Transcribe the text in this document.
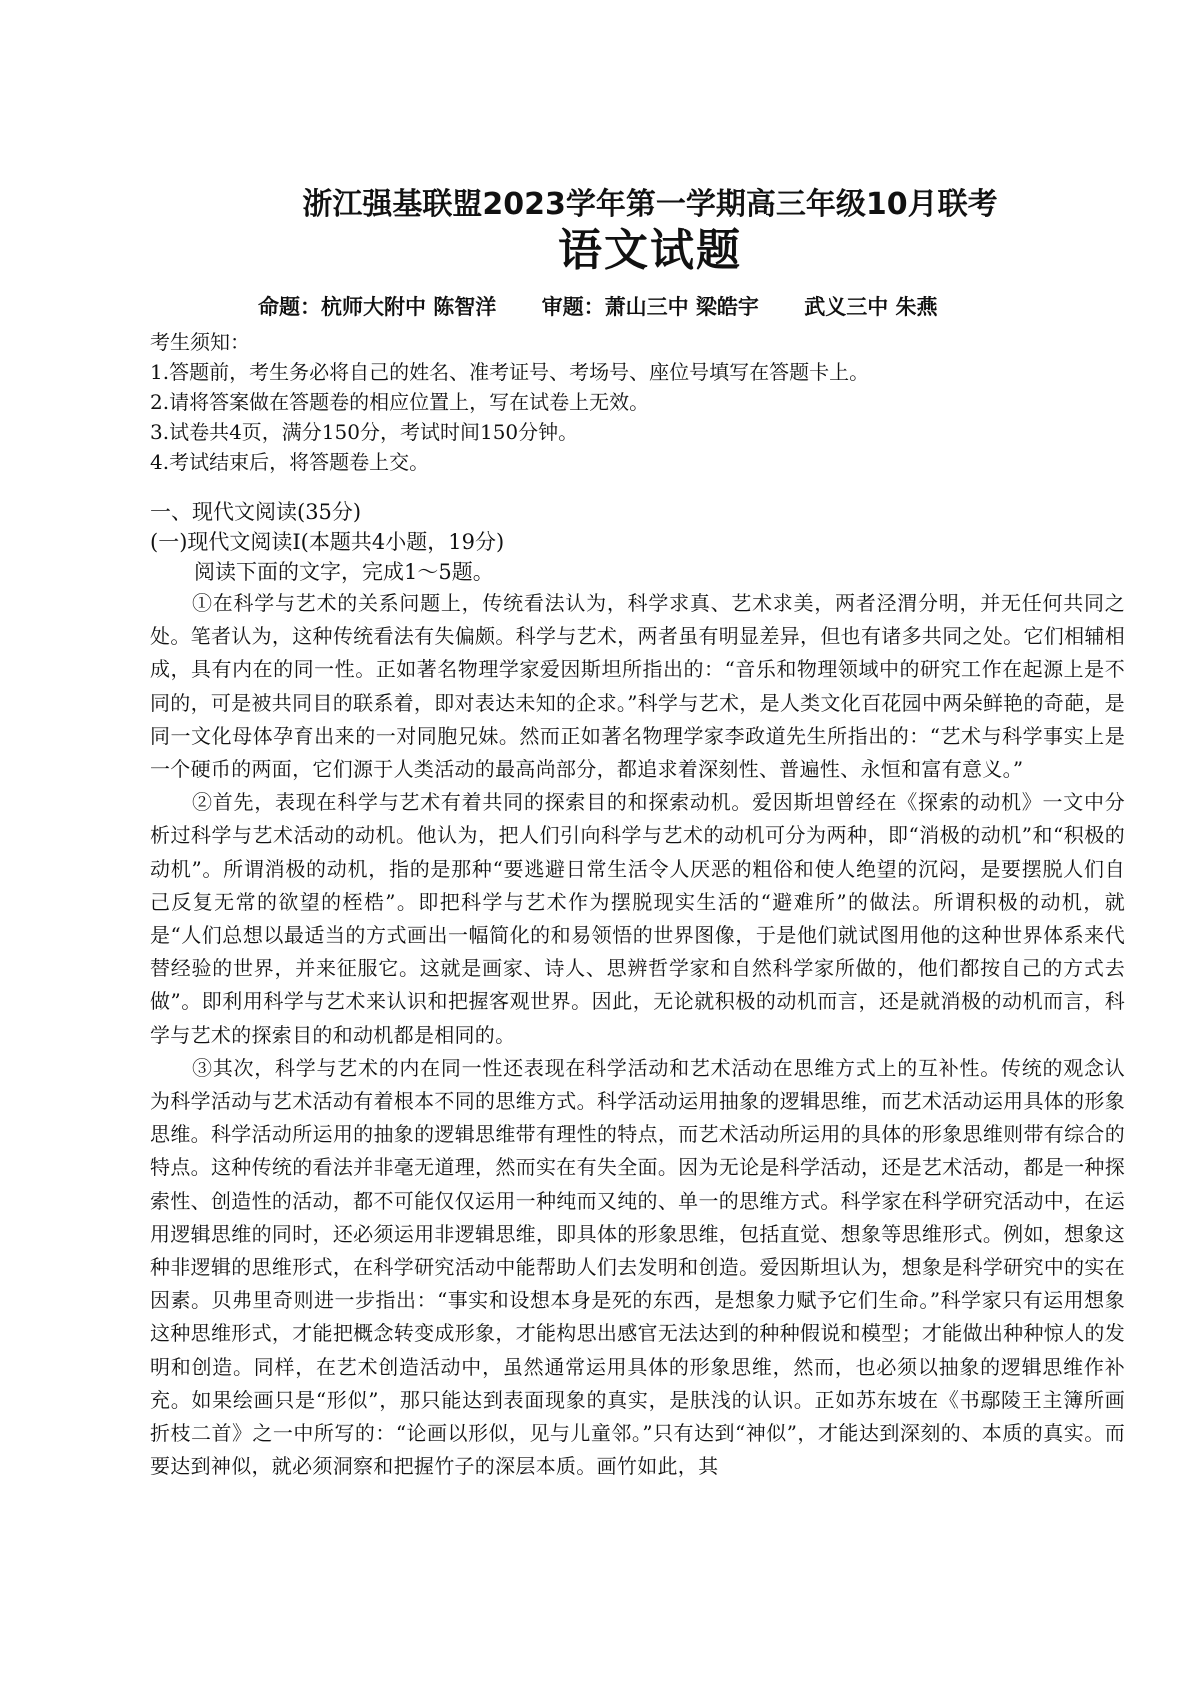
浙江强基联盟2023学年第一学期高三年级10月联考
语文试题
命题：杭师大附中 陈智洋 审题：萧山三中 梁皓宇 武义三中 朱燕
考生须知：
1.答题前，考生务必将自己的姓名、准考证号、考场号、座位号填写在答题卡上。
2.请将答案做在答题卷的相应位置上，写在试卷上无效。
3.试卷共4页，满分150分，考试时间150分钟。
4.考试结束后，将答题卷上交。
一、现代文阅读(35分)
(一)现代文阅读Ⅰ(本题共4小题，19分)
阅读下面的文字，完成1～5题。

①在科学与艺术的关系问题上，传统看法认为，科学求真、艺术求美，两者泾渭分明，并无任何共同之处。笔者认为，这种传统看法有失偏颇。科学与艺术，两者虽有明显差异，但也有诸多共同之处。它们相辅相成，具有内在的同一性。正如著名物理学家爱因斯坦所指出的：“音乐和物理领域中的研究工作在起源上是不同的，可是被共同目的联系着，即对表达未知的企求。”科学与艺术，是人类文化百花园中两朵鲜艳的奇葩，是同一文化母体孕育出来的一对同胞兄妹。然而正如著名物理学家李政道先生所指出的：“艺术与科学事实上是一个硬币的两面，它们源于人类活动的最高尚部分，都追求着深刻性、普遍性、永恒和富有意义。”

②首先，表现在科学与艺术有着共同的探索目的和探索动机。爱因斯坦曾经在《探索的动机》一文中分析过科学与艺术活动的动机。他认为，把人们引向科学与艺术的动机可分为两种，即“消极的动机”和“积极的动机”。所谓消极的动机，指的是那种“要逃避日常生活令人厌恶的粗俗和使人绝望的沉闷，是要摆脱人们自己反复无常的欲望的桎梏”。即把科学与艺术作为摆脱现实生活的“避难所”的做法。所谓积极的动机，就是“人们总想以最适当的方式画出一幅简化的和易领悟的世界图像，于是他们就试图用他的这种世界体系来代替经验的世界，并来征服它。这就是画家、诗人、思辨哲学家和自然科学家所做的，他们都按自己的方式去做”。即利用科学与艺术来认识和把握客观世界。因此，无论就积极的动机而言，还是就消极的动机而言，科学与艺术的探索目的和动机都是相同的。

③其次，科学与艺术的内在同一性还表现在科学活动和艺术活动在思维方式上的互补性。传统的观念认为科学活动与艺术活动有着根本不同的思维方式。科学活动运用抽象的逻辑思维，而艺术活动运用具体的形象思维。科学活动所运用的抽象的逻辑思维带有理性的特点，而艺术活动所运用的具体的形象思维则带有综合的特点。这种传统的看法并非毫无道理，然而实在有失全面。因为无论是科学活动，还是艺术活动，都是一种探索性、创造性的活动，都不可能仅仅运用一种纯而又纯的、单一的思维方式。科学家在科学研究活动中，在运用逻辑思维的同时，还必须运用非逻辑思维，即具体的形象思维，包括直觉、想象等思维形式。例如，想象这种非逻辑的思维形式，在科学研究活动中能帮助人们去发明和创造。爱因斯坦认为，想象是科学研究中的实在因素。贝弗里奇则进一步指出：“事实和设想本身是死的东西，是想象力赋予它们生命。”科学家只有运用想象这种思维形式，才能把概念转变成形象，才能构思出感官无法达到的种种假说和模型；才能做出种种惊人的发明和创造。同样，在艺术创造活动中，虽然通常运用具体的形象思维，然而，也必须以抽象的逻辑思维作补充。如果绘画只是“形似”，那只能达到表面现象的真实，是肤浅的认识。正如苏东坡在《书鄢陵王主簿所画折枝二首》之一中所写的：“论画以形似，见与儿童邻。”只有达到“神似”，才能达到深刻的、本质的真实。而要达到神似，就必须洞察和把握竹子的深层本质。画竹如此，其
